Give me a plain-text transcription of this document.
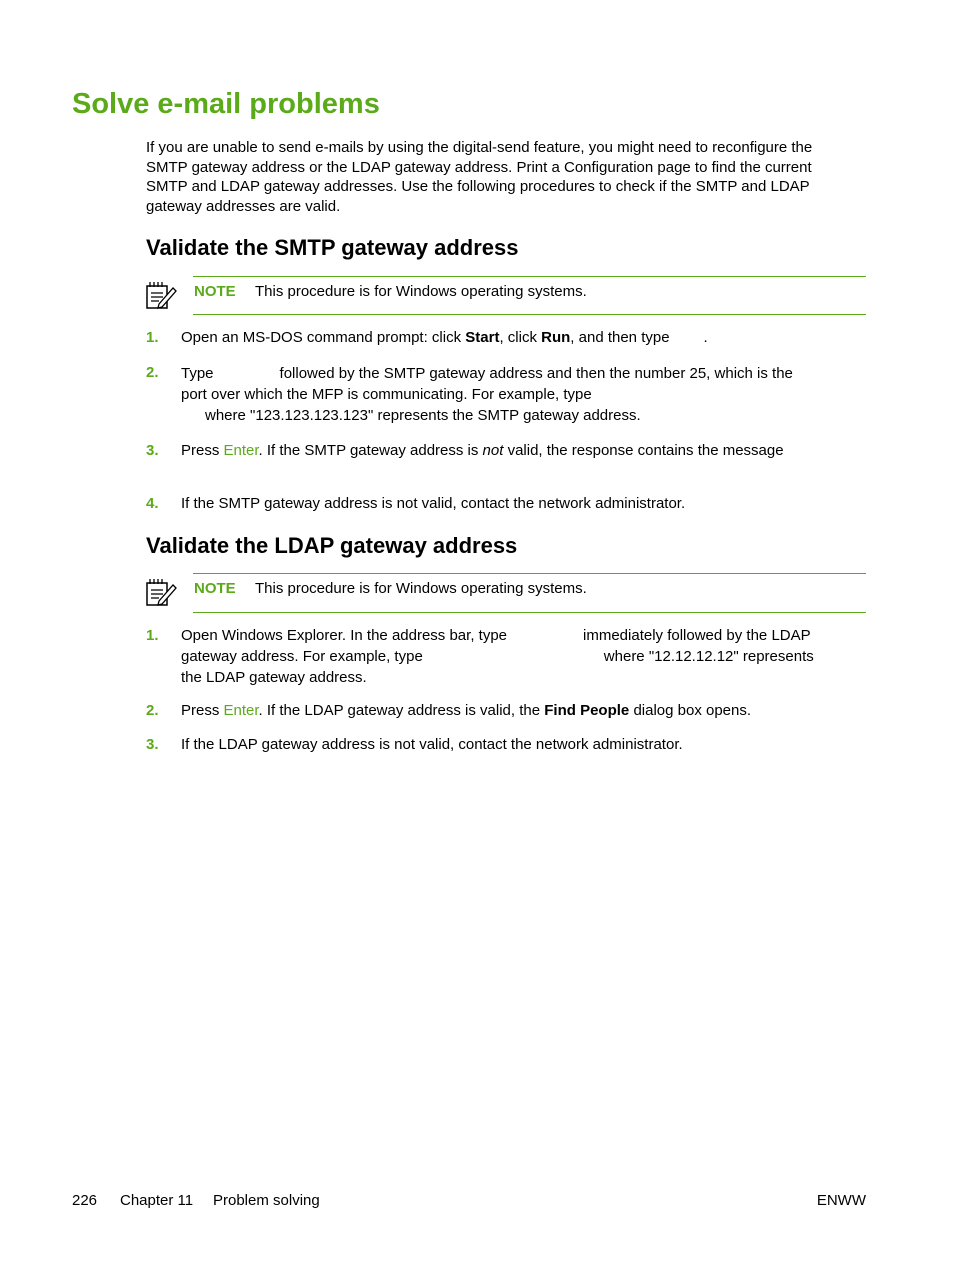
Solve e-mail problems
If you are unable to send e-mails by using the digital-send feature, you might need to reconfigure the
SMTP gateway address or the LDAP gateway address. Print a Configuration page to find the current
SMTP and LDAP gateway addresses. Use the following procedures to check if the SMTP and LDAP
gateway addresses are valid.
Validate the SMTP gateway address
NOTE This procedure is for Windows operating systems.
1. Open an MS-DOS command prompt: click Start, click Run, and then type .
2. Type	followed by the SMTP gateway address and then the number 25, which is the
port over which the MFP is communicating. For example, type
where "123.123.123.123" represents the SMTP gateway address.
3. Press Enter. If the SMTP gateway address is not valid, the response contains the message
4. If the SMTP gateway address is not valid, contact the network administrator.
Validate the LDAP gateway address
NOTE This procedure is for Windows operating systems.
1. Open Windows Explorer. In the address bar, type	immediately followed by the LDAP
gateway address. For example, type	where "12.12.12.12" represents
the LDAP gateway address.
2. Press Enter. If the LDAP gateway address is valid, the Find People dialog box opens.
3. If the LDAP gateway address is not valid, contact the network administrator.
226 Chapter 11 Problem solving	ENWW
